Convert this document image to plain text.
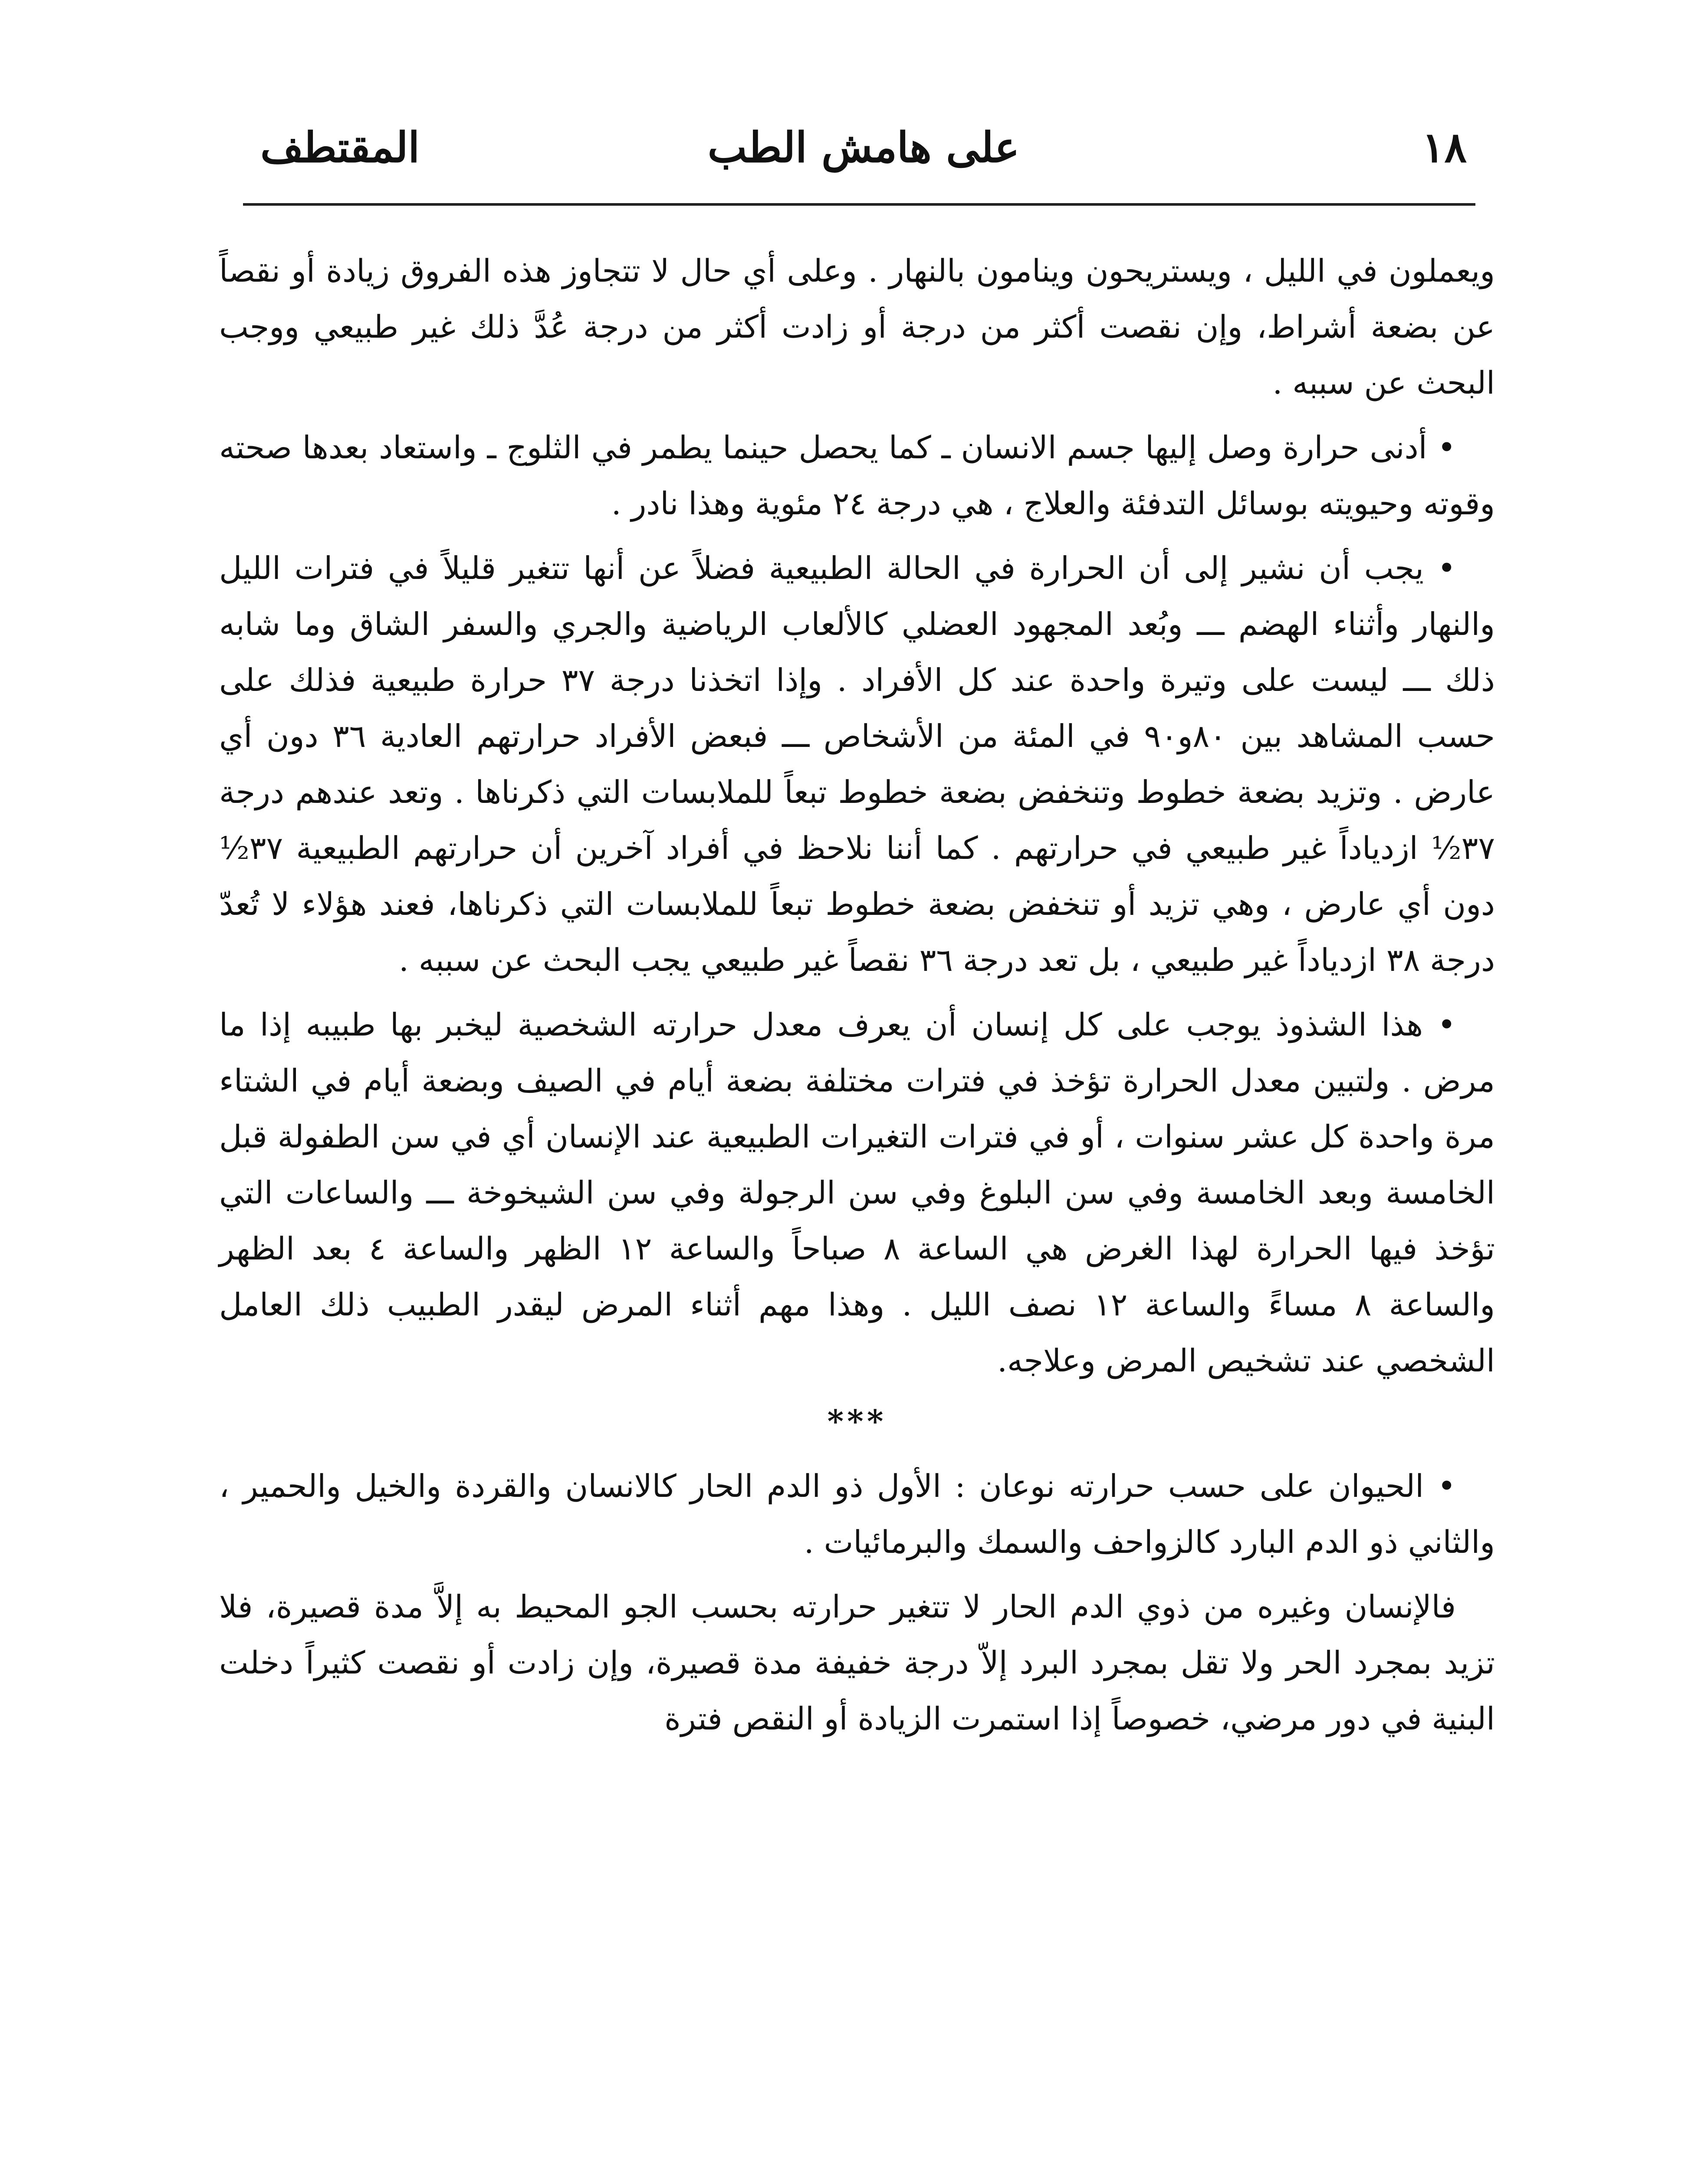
١٨
على هامش الطب
المقتطف

ويعملون في الليل ، ويستريحون وينامون بالنهار . وعلى أي حال لا تتجاوز هذه الفروق زيادة أو نقصاً عن بضعة أشراط، وإن نقصت أكثر من درجة أو زادت أكثر من درجة عُدَّ ذلك غير طبيعي ووجب البحث عن سببه .

• أدنى حرارة وصل إليها جسم الانسان ـ كما يحصل حينما يطمر في الثلوج ـ واستعاد بعدها صحته وقوته وحيويته بوسائل التدفئة والعلاج ، هي درجة ٢٤ مئوية وهذا نادر .

• يجب أن نشير إلى أن الحرارة في الحالة الطبيعية فضلاً عن أنها تتغير قليلاً في فترات الليل والنهار وأثناء الهضم ـــ وبُعد المجهود العضلي كالألعاب الرياضية والجري والسفر الشاق وما شابه ذلك ـــ ليست على وتيرة واحدة عند كل الأفراد . وإذا اتخذنا درجة ٣٧ حرارة طبيعية فذلك على حسب المشاهد بين ٨٠و٩٠ في المئة من الأشخاص ـــ فبعض الأفراد حرارتهم العادية ٣٦ دون أي عارض . وتزيد بضعة خطوط وتنخفض بضعة خطوط تبعاً للملابسات التي ذكرناها . وتعد عندهم درجة ٣٧½ ازدياداً غير طبيعي في حرارتهم . كما أننا نلاحظ في أفراد آخرين أن حرارتهم الطبيعية ٣٧½ دون أي عارض ، وهي تزيد أو تنخفض بضعة خطوط تبعاً للملابسات التي ذكرناها، فعند هؤلاء لا تُعدّ درجة ٣٨ ازدياداً غير طبيعي ، بل تعد درجة ٣٦ نقصاً غير طبيعي يجب البحث عن سببه .

• هذا الشذوذ يوجب على كل إنسان أن يعرف معدل حرارته الشخصية ليخبر بها طبيبه إذا ما مرض . ولتبين معدل الحرارة تؤخذ في فترات مختلفة بضعة أيام في الصيف وبضعة أيام في الشتاء مرة واحدة كل عشر سنوات ، أو في فترات التغيرات الطبيعية عند الإنسان أي في سن الطفولة قبل الخامسة وبعد الخامسة وفي سن البلوغ وفي سن الرجولة وفي سن الشيخوخة ـــ والساعات التي تؤخذ فيها الحرارة لهذا الغرض هي الساعة ٨ صباحاً والساعة ١٢ الظهر والساعة ٤ بعد الظهر والساعة ٨ مساءً والساعة ١٢ نصف الليل . وهذا مهم أثناء المرض ليقدر الطبيب ذلك العامل الشخصي عند تشخيص المرض وعلاجه.

***

• الحيوان على حسب حرارته نوعان : الأول ذو الدم الحار كالانسان والقردة والخيل والحمير ، والثاني ذو الدم البارد كالزواحف والسمك والبرمائيات .

فالإنسان وغيره من ذوي الدم الحار لا تتغير حرارته بحسب الجو المحيط به إلاَّ مدة قصيرة، فلا تزيد بمجرد الحر ولا تقل بمجرد البرد إلاّ درجة خفيفة مدة قصيرة، وإن زادت أو نقصت كثيراً دخلت البنية في دور مرضي، خصوصاً إذا استمرت الزيادة أو النقص فترة
